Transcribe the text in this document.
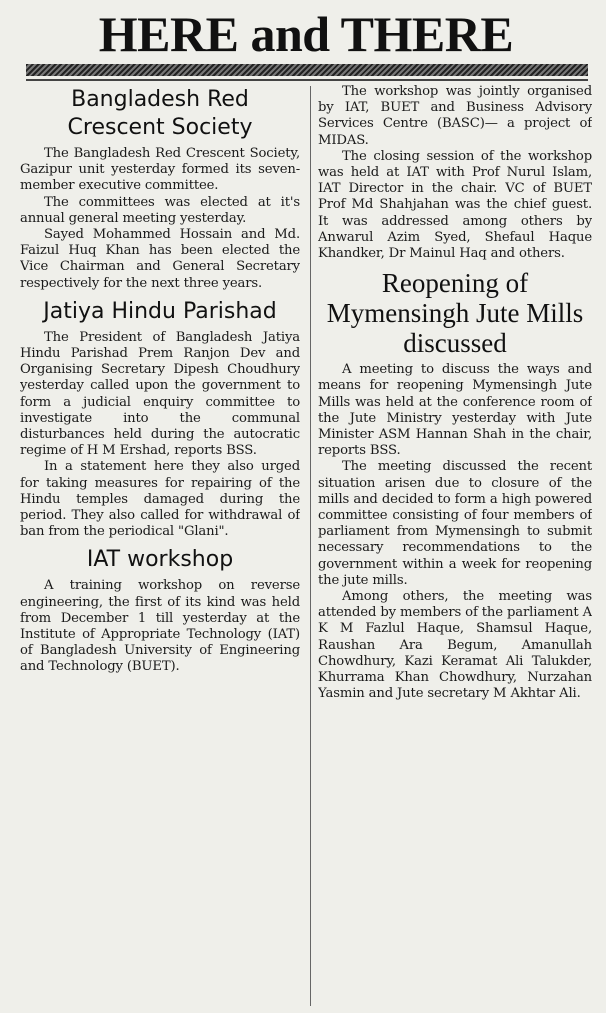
HERE and THERE
Bangladesh Red Crescent Society

The Bangladesh Red Crescent Society, Gazipur unit yesterday formed its seven-member executive committee.

The committees was elected at it's annual general meeting yesterday.

Sayed Mohammed Hossain and Md. Faizul Huq Khan has been elected the Vice Chairman and General Secretary respectively for the next three years.

Jatiya Hindu Parishad

The President of Bangladesh Jatiya Hindu Parishad Prem Ranjon Dev and Organising Secretary Dipesh Choudhury yesterday called upon the government to form a judicial enquiry committee to investigate into the communal disturbances held during the autocratic regime of H M Ershad, reports BSS.

In a statement here they also urged for taking measures for repairing of the Hindu temples damaged during the period. They also called for withdrawal of ban from the periodical "Glani".

IAT workshop

A training workshop on reverse engineering, the first of its kind was held from December 1 till yesterday at the Institute of Appropriate Technology (IAT) of Bangladesh University of Engineering and Technology (BUET).

The workshop was jointly organised by IAT, BUET and Business Advisory Services Centre (BASC)— a project of MIDAS.

The closing session of the workshop was held at IAT with Prof Nurul Islam, IAT Director in the chair. VC of BUET Prof Md Shahjahan was the chief guest. It was addressed among others by Anwarul Azim Syed, Shefaul Haque Khandker, Dr Mainul Haq and others.

Reopening of Mymensingh Jute Mills discussed

A meeting to discuss the ways and means for reopening Mymensingh Jute Mills was held at the conference room of the Jute Ministry yesterday with Jute Minister ASM Hannan Shah in the chair, reports BSS.

The meeting discussed the recent situation arisen due to closure of the mills and decided to form a high powered committee consisting of four members of parliament from Mymensingh to submit necessary recommendations to the government within a week for reopening the jute mills.

Among others, the meeting was attended by members of the parliament A K M Fazlul Haque, Shamsul Haque, Raushan Ara Begum, Amanullah Chowdhury, Kazi Keramat Ali Talukder, Khurrama Khan Chowdhury, Nurzahan Yasmin and Jute secretary M Akhtar Ali.
